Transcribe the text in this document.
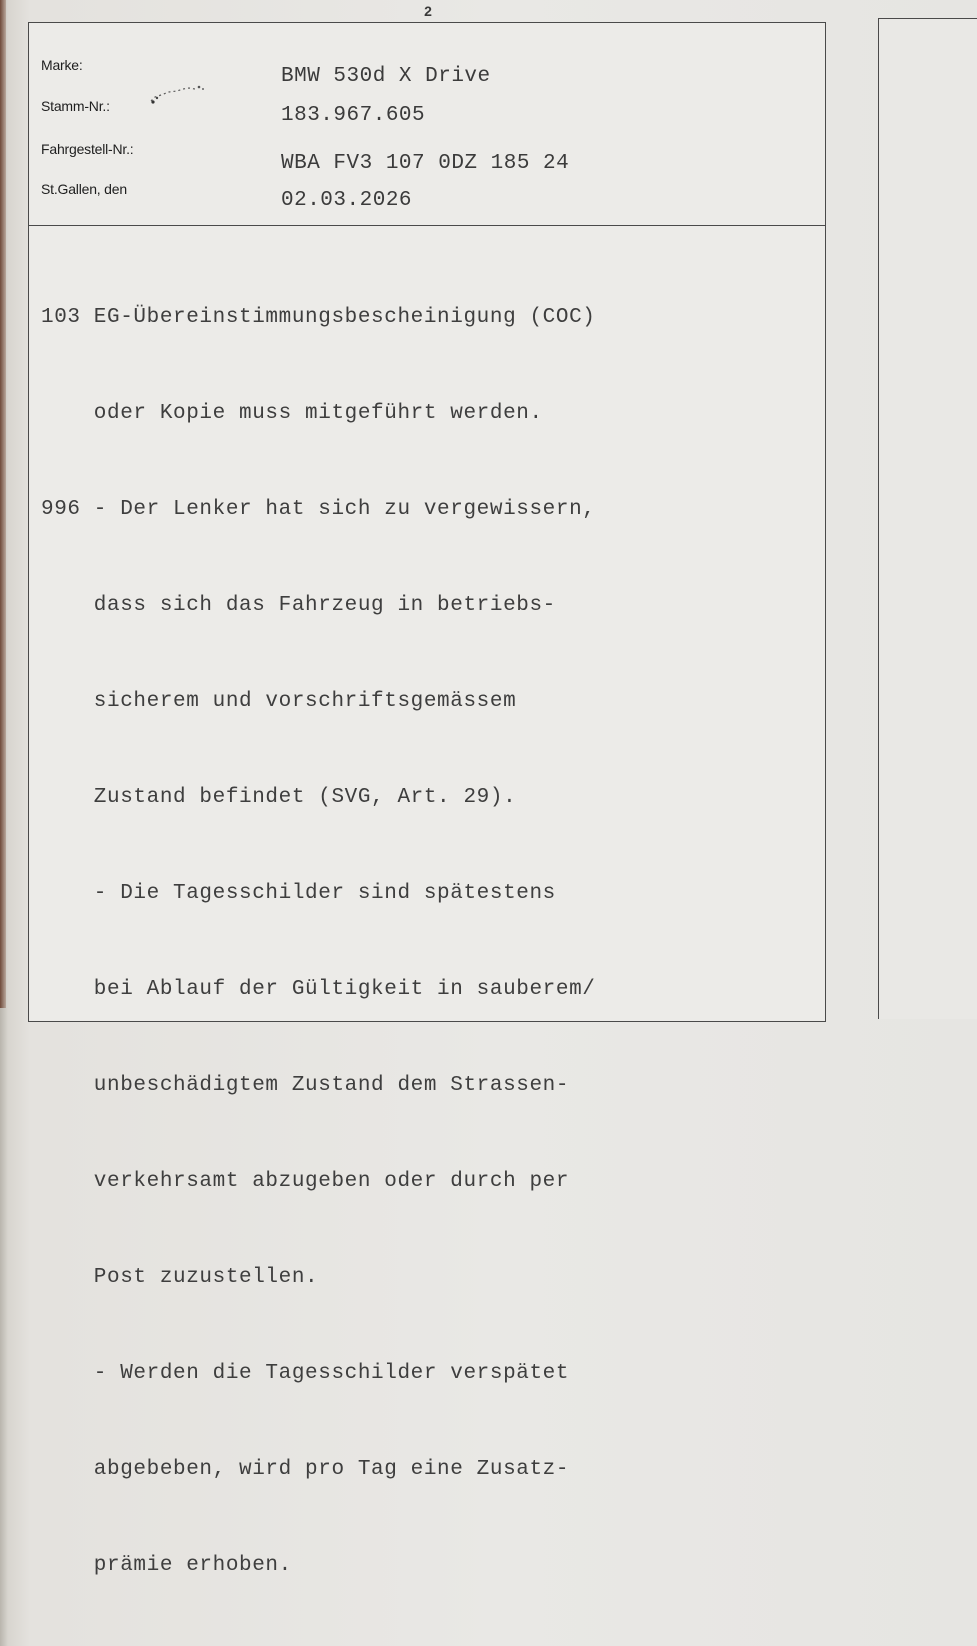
2
Marke:	BMW 530d X Drive
Stamm-Nr.:	183.967.605
Fahrgestell-Nr.:
WBA FV3 107 0DZ 185 24
St.Gallen, den	02.03.2026

103 EG-Übereinstimmungsbescheinigung (COC)

oder Kopie muss mitgeführt werden.

996 - Der Lenker hat sich zu vergewissern,

dass sich das Fahrzeug in betriebs-

sicherem und vorschriftsgemässem

Zustand befindet (SVG, Art. 29).

- Die Tagesschilder sind spätestens

bei Ablauf der Gültigkeit in sauberem/

unbeschädigtem Zustand dem Strassen-

verkehrsamt abzugeben oder durch per

Post zuzustellen.

- Werden die Tagesschilder verspätet

abgebeben, wird pro Tag eine Zusatz-

prämie erhoben.
